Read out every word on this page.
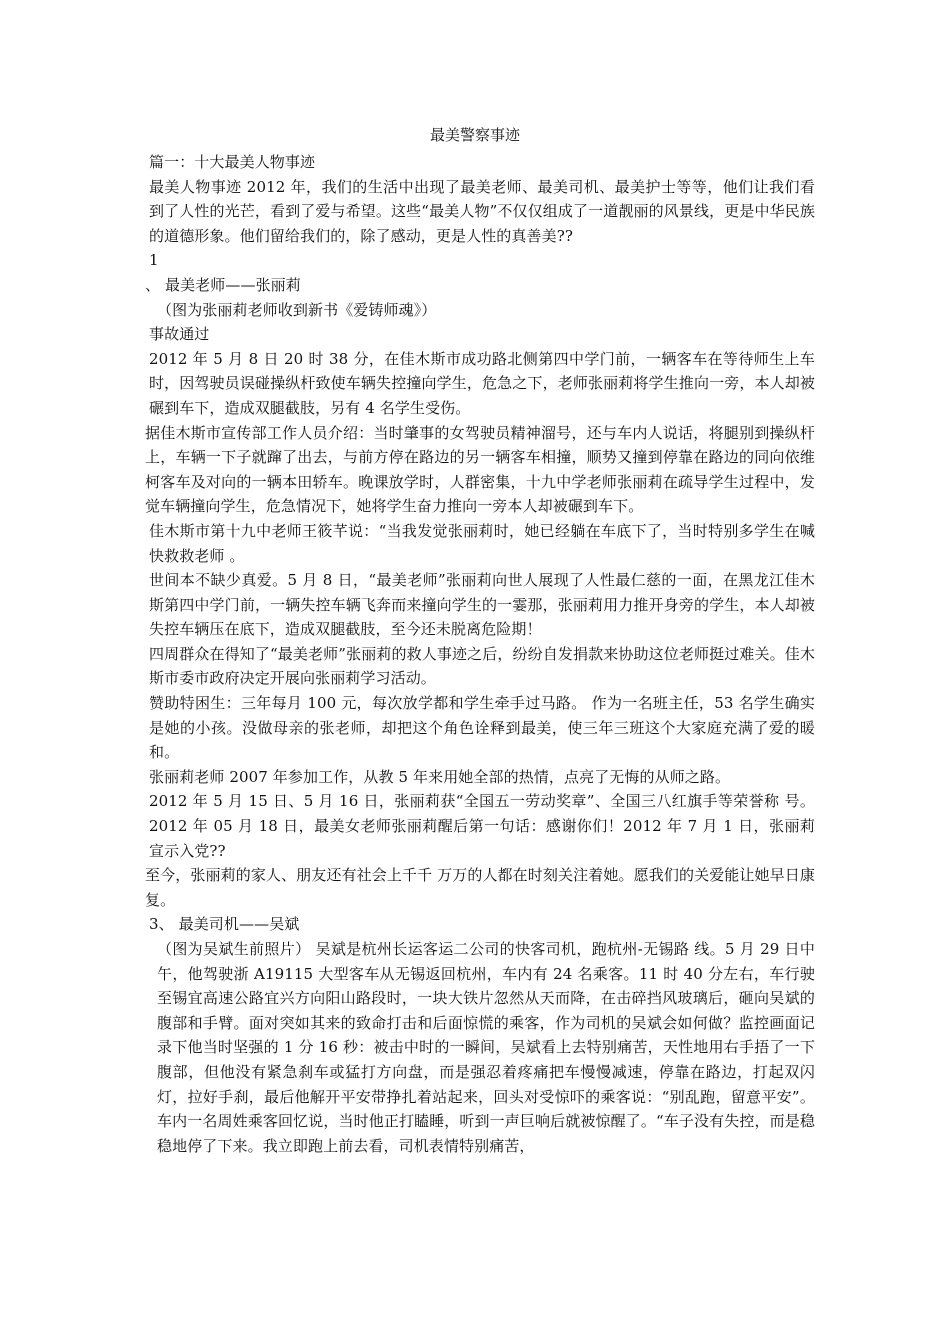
最美警察事迹

篇一：十大最美人物事迹

最美人物事迹 2012 年，我们的生活中出现了最美老师、最美司机、最美护士等等，他们让我们看到了人性的光芒，看到了爱与希望。这些“最美人物”不仅仅组成了一道靓丽的风景线，更是中华民族的道德形象。他们留给我们的，除了感动，更是人性的真善美??

1

、 最美老师——张丽莉

（图为张丽莉老师收到新书《爱铸师魂》）

事故通过

2012 年 5 月 8 日 20 时 38 分，在佳木斯市成功路北侧第四中学门前，一辆客车在等待师生上车时，因驾驶员误碰操纵杆致使车辆失控撞向学生，危急之下，老师张丽莉将学生推向一旁，本人却被碾到车下，造成双腿截肢，另有 4 名学生受伤。

据佳木斯市宣传部工作人员介绍：当时肇事的女驾驶员精神溜号，还与车内人说话，将腿别到操纵杆上，车辆一下子就蹿了出去，与前方停在路边的另一辆客车相撞，顺势又撞到停靠在路边的同向依维柯客车及对向的一辆本田轿车。晚课放学时，人群密集，十九中学老师张丽莉在疏导学生过程中，发觉车辆撞向学生，危急情况下，她将学生奋力推向一旁本人却被碾到车下。

佳木斯市第十九中老师王筱芊说：“当我发觉张丽莉时，她已经躺在车底下了，当时特别多学生在喊 快救救老师 。

世间本不缺少真爱。5 月 8 日，“最美老师”张丽莉向世人展现了人性最仁慈的一面，在黑龙江佳木斯第四中学门前，一辆失控车辆飞奔而来撞向学生的一霎那，张丽莉用力推开身旁的学生，本人却被失控车辆压在底下，造成双腿截肢，至今还未脱离危险期！

四周群众在得知了“最美老师”张丽莉的救人事迹之后，纷纷自发捐款来协助这位老师挺过难关。佳木斯市委市政府决定开展向张丽莉学习活动。

赞助特困生：三年每月 100 元，每次放学都和学生牵手过马路。 作为一名班主任，53 名学生确实是她的小孩。没做母亲的张老师，却把这个角色诠释到最美，使三年三班这个大家庭充满了爱的暖和。

张丽莉老师 2007 年参加工作，从教 5 年来用她全部的热情，点亮了无悔的从师之路。

2012 年 5 月 15 日、5 月 16 日，张丽莉获“全国五一劳动奖章”、全国三八红旗手等荣誉称 号。2012 年 05 月 18 日，最美女老师张丽莉醒后第一句话：感谢你们！2012 年 7 月 1 日，张丽莉宣示入党??

至今，张丽莉的家人、朋友还有社会上千千 万万的人都在时刻关注着她。愿我们的关爱能让她早日康复。

3、 最美司机——吴斌

（图为吴斌生前照片） 吴斌是杭州长运客运二公司的快客司机，跑杭州-无锡路 线。5 月 29 日中午，他驾驶浙 A19115 大型客车从无锡返回杭州，车内有 24 名乘客。11 时 40 分左右，车行驶至锡宜高速公路宜兴方向阳山路段时，一块大铁片忽然从天而降，在击碎挡风玻璃后，砸向吴斌的腹部和手臂。面对突如其来的致命打击和后面惊慌的乘客，作为司机的吴斌会如何做？监控画面记录下他当时坚强的 1 分 16 秒：被击中时的一瞬间，吴斌看上去特别痛苦，天性地用右手捂了一下腹部，但他没有紧急刹车或猛打方向盘，而是强忍着疼痛把车慢慢减速，停靠在路边，打起双闪灯，拉好手刹，最后他解开平安带挣扎着站起来，回头对受惊吓的乘客说：“别乱跑，留意平安”。 车内一名周姓乘客回忆说，当时他正打瞌睡，听到一声巨响后就被惊醒了。“车子没有失控，而是稳稳地停了下来。我立即跑上前去看，司机表情特别痛苦，
